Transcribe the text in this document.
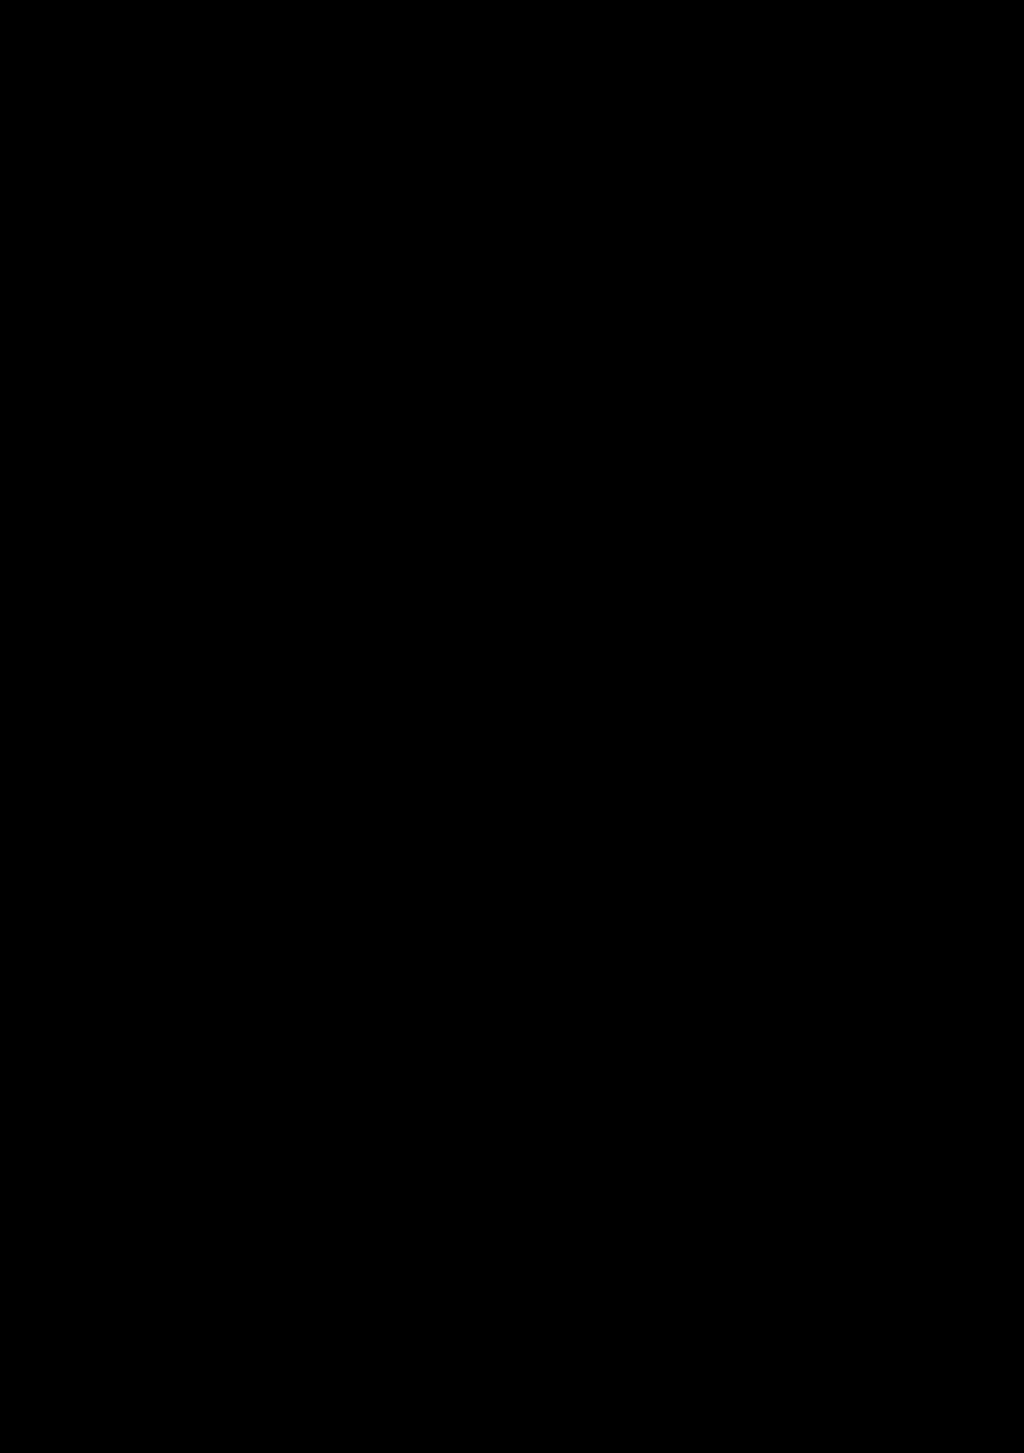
ΠΕΡΙΕΧΟΜΕΝΑ
1. ΕΙΣΑΓΩΓΗ .....	8
2. ΒΑΣΙΚΟΙ ΠΡΟΒΛΗΜΑΤΙΣΜΟΙ .....	9
3. ΠΑΡΑΓΟΝΤΕΣ ΟΔΙΚΗΣ ΥΠΟΔΟΜΗΣ .....	11
3.1. Απόσταση μεταξύ των στάσεων .....	11
3.2. Γενικές ανησυχίες .....	12
3.3. Χωροθέτηση των στάσεων .....	13
3.3.1. Παράγοντες για την επιλογή της θέσης της στάσης .....	13
3.3.2. Παράγοντες για την επιλογή του τύπου της στάσης .....	14
3.3.3. Συγκριτική ανάλυση της χωροθέτησης των θέσεων .....	15
3.4. Είδη κατασκευής στάσης λεωφορείου .....	18
3.4.1. Στάσεις “Curbside” .....	19
3.4.2. Στάσεις “Bus bay” .....	19
3.4.3 Στάσεις “Open bus bay” .....	19
3.4.4. Στάσεις “Queue jumper bus bay” .....	20
3.4.5. Στάσεις “Nub” .....	20
3.5. Διαστασιολόγηση της ζώνης επιρροής της στάσης .....	20
3.6. Σχεδιασμός δρόμου και διασταυρώσεων .....	21
3.6.1 Σηματοδότηση .....	21
3.6.2 Κυκλοφοριακές ρυθμίσεις .....	21
3.6.3. Διασταυρώσεις οδών και διαβάσεις πεζών .....	22
Διαχωρισμένες διαβάσεις .....	23
Διαβάσεις πεζών και σιδηροδρομικό σύστημα .....	23
3.6.4 Φωτισμός οδού .....	26
3.6.5. Ορατότητα .....	26
3.6.6. Οδική ασφάλεια .....	27
4. ΠΑΡΑΓΟΝΤΕΣ ΥΠΟΔΟΜΗΣ ΤΗΣ ΣΤΑΣΗΣ .....	29
4.1. Εισαγωγή .....	29
4.2. Πρόσβαση πεζών .....	30
4.2.1. Πεζοδρόμια .....	30
4.2.2. Συσχέτιση της πρόσβασης με την εμπορική δραστηριότητα .....	34
4.2.3. Συσχέτιση πρόσβασης με οικιστική δραστηριότητα .....	34
4.3. ADA (Disabilities Act of 1990) - Οδηγίες για εύκολη πρόσβαση .....	34
4.4. Χώρος αναμονής- Διαστάσεις και θέση εγκατάστασης .....	35
4.5. Nubs (προέκταση του πεζοδρομίου) .....	35
4.6. Υπόστεγα .....	35
4.6.1. Διαστάσεις και εξοπλισμός .....	35
4.6.2. Καθορισμός της τελικής θέσης εγκατάστασης. .....	36
4.6.3. Χωροθέτηση-Προσανατολισμός .....	36
4.6.4. Σημειακές στάσεις (flag stops) .....	37
4.6.5. Διαφημίσεις .....	38
4.6.6. Ιδιωτική πρωτοβουλία .....	38
4.6.7. Καλλιτεχνικά σχέδια .....	38
4.7. Εξοπλισμός .....	38
4.7.1. Παγκάκια - καθίσματα .....	38
4
